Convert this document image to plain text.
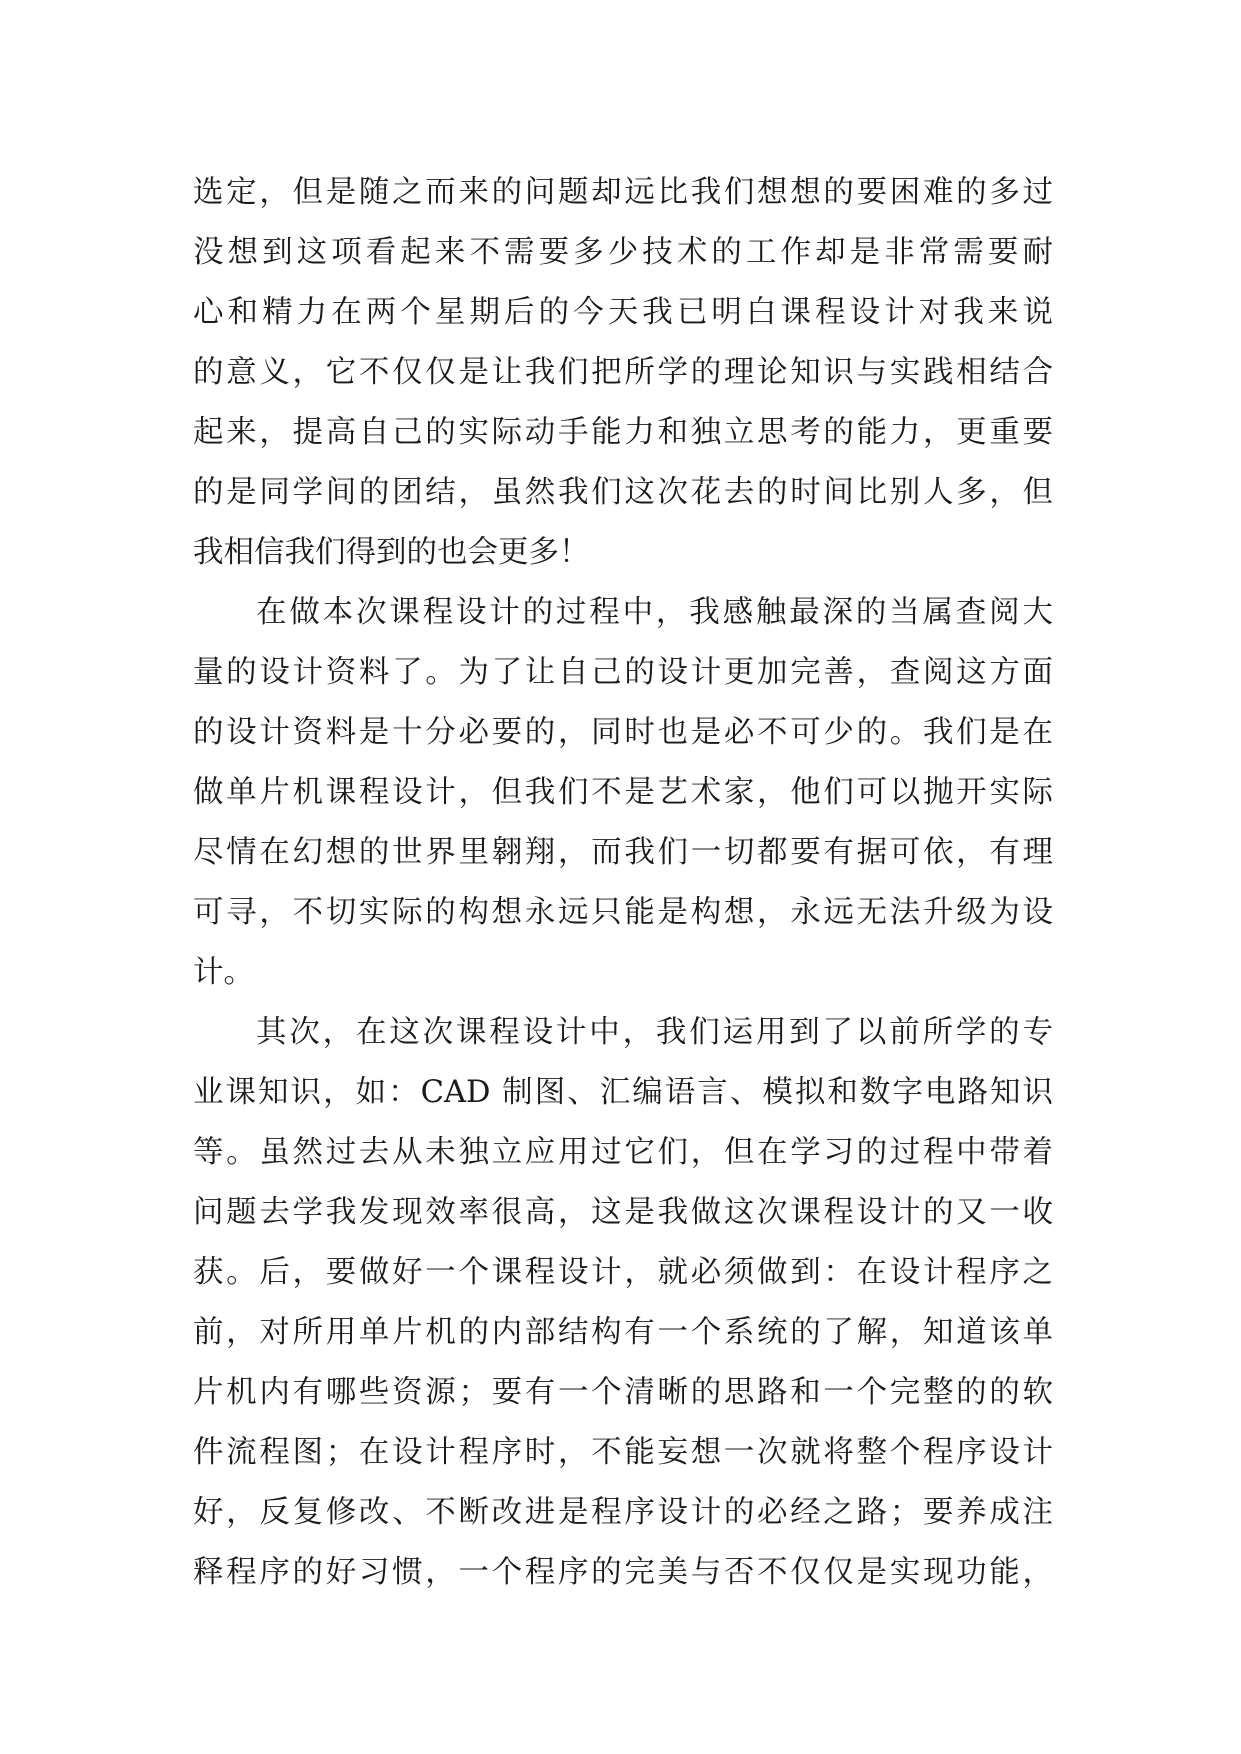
选定，但是随之而来的问题却远比我们想想的要困难的多过
没想到这项看起来不需要多少技术的工作却是非常需要耐
心和精力在两个星期后的今天我已明白课程设计对我来说
的意义，它不仅仅是让我们把所学的理论知识与实践相结合
起来，提高自己的实际动手能力和独立思考的能力，更重要
的是同学间的团结，虽然我们这次花去的时间比别人多，但
我相信我们得到的也会更多！
在做本次课程设计的过程中，我感触最深的当属查阅大
量的设计资料了。为了让自己的设计更加完善，查阅这方面
的设计资料是十分必要的，同时也是必不可少的。我们是在
做单片机课程设计，但我们不是艺术家，他们可以抛开实际
尽情在幻想的世界里翱翔，而我们一切都要有据可依，有理
可寻，不切实际的构想永远只能是构想，永远无法升级为设
计。
其次，在这次课程设计中，我们运用到了以前所学的专
业课知识，如：CAD 制图、汇编语言、模拟和数字电路知识
等。虽然过去从未独立应用过它们，但在学习的过程中带着
问题去学我发现效率很高，这是我做这次课程设计的又一收
获。后，要做好一个课程设计，就必须做到：在设计程序之
前，对所用单片机的内部结构有一个系统的了解，知道该单
片机内有哪些资源；要有一个清晰的思路和一个完整的的软
件流程图；在设计程序时，不能妄想一次就将整个程序设计
好，反复修改、不断改进是程序设计的必经之路；要养成注
释程序的好习惯，一个程序的完美与否不仅仅是实现功能，
